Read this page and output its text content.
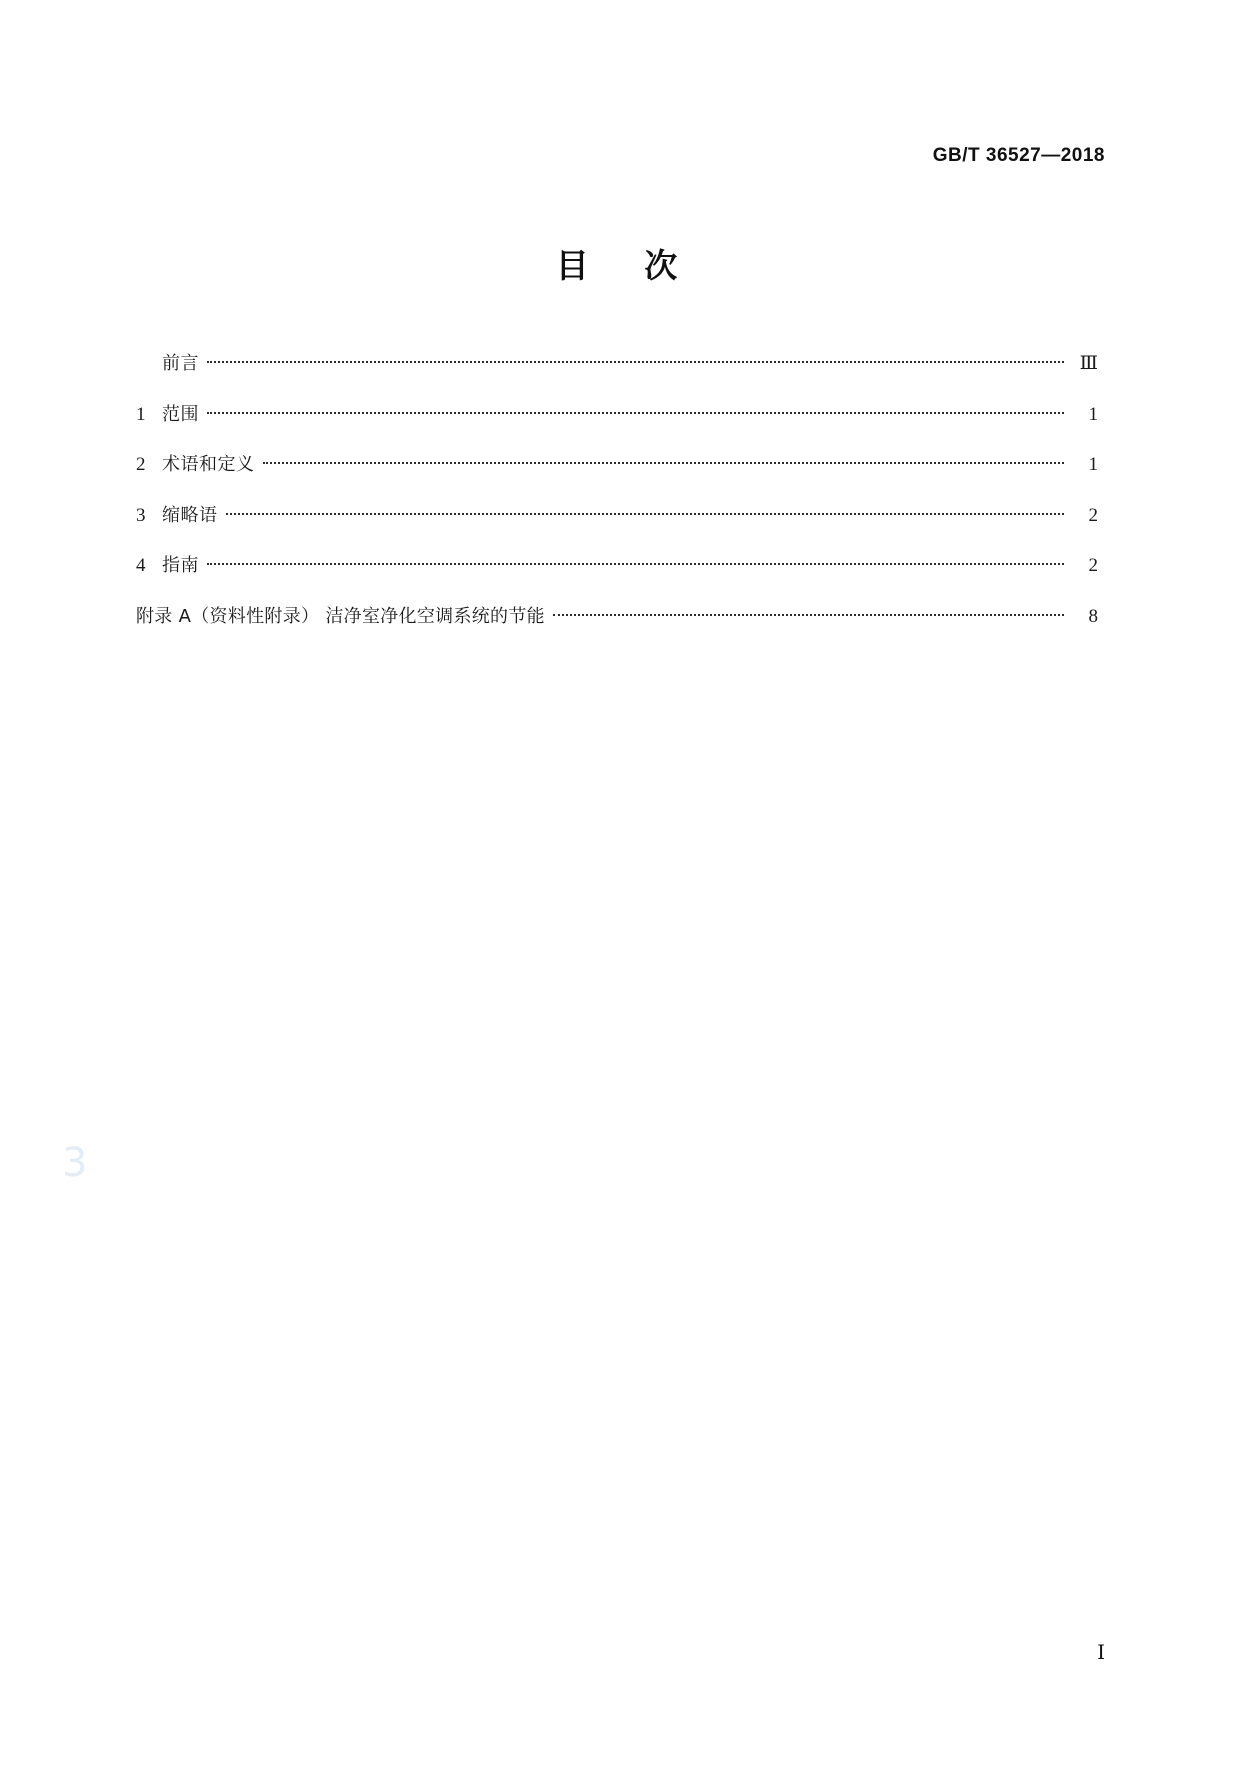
GB/T 36527—2018
目 次
前言	Ⅲ
1 范围	1
2 术语和定义	1
3 缩略语	2
4 指南	2
附录 A（资料性附录） 洁净室净化空调系统的节能	8
3
Ⅰ
